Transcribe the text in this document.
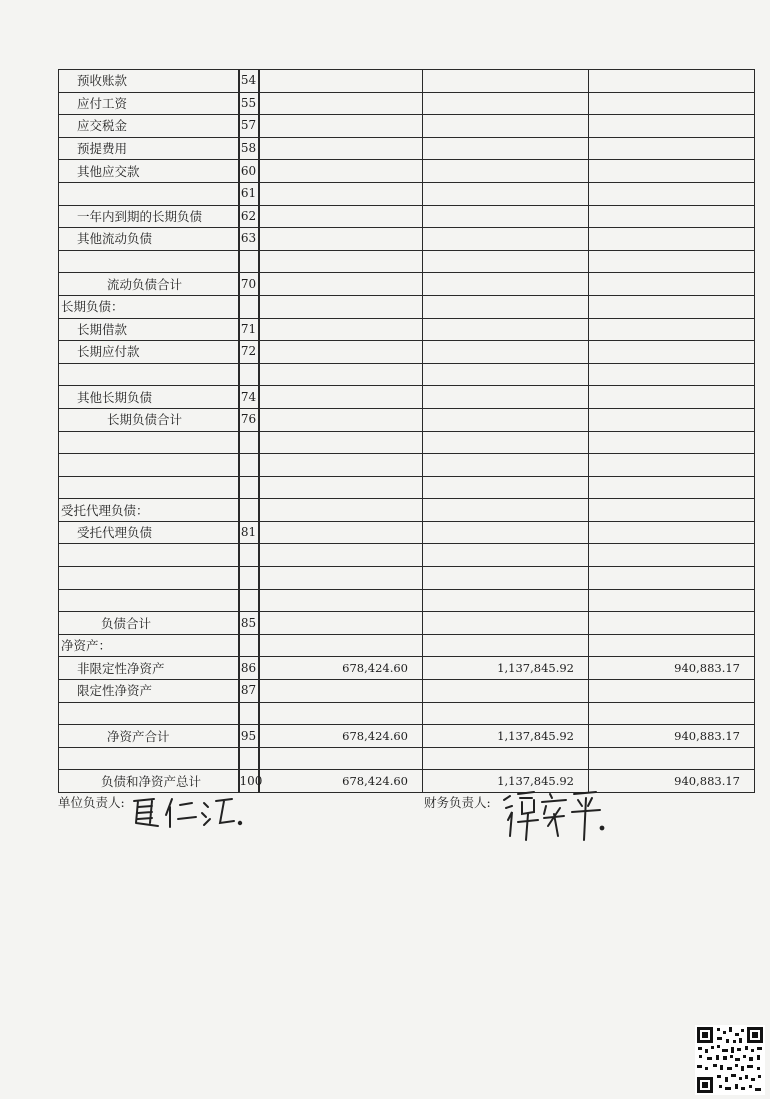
预收账款	54			
应付工资	55			
应交税金	57			
预提费用	58			
其他应交款	60			
	61			
一年内到期的长期负债	62			
其他流动负债	63			

流动负债合计	70			
长期负债：				
长期借款	71			
长期应付款	72			

其他长期负债	74			
长期负债合计	76			

受托代理负债：				
受托代理负债	81			

负债合计	85			
净资产：				
非限定性净资产	86	678,424.60	1,137,845.92	940,883.17
限定性净资产	87			

净资产合计	95	678,424.60	1,137,845.92	940,883.17

负债和净资产总计	100	678,424.60	1,137,845.92	940,883.17
单位负责人:	财务负责人:
